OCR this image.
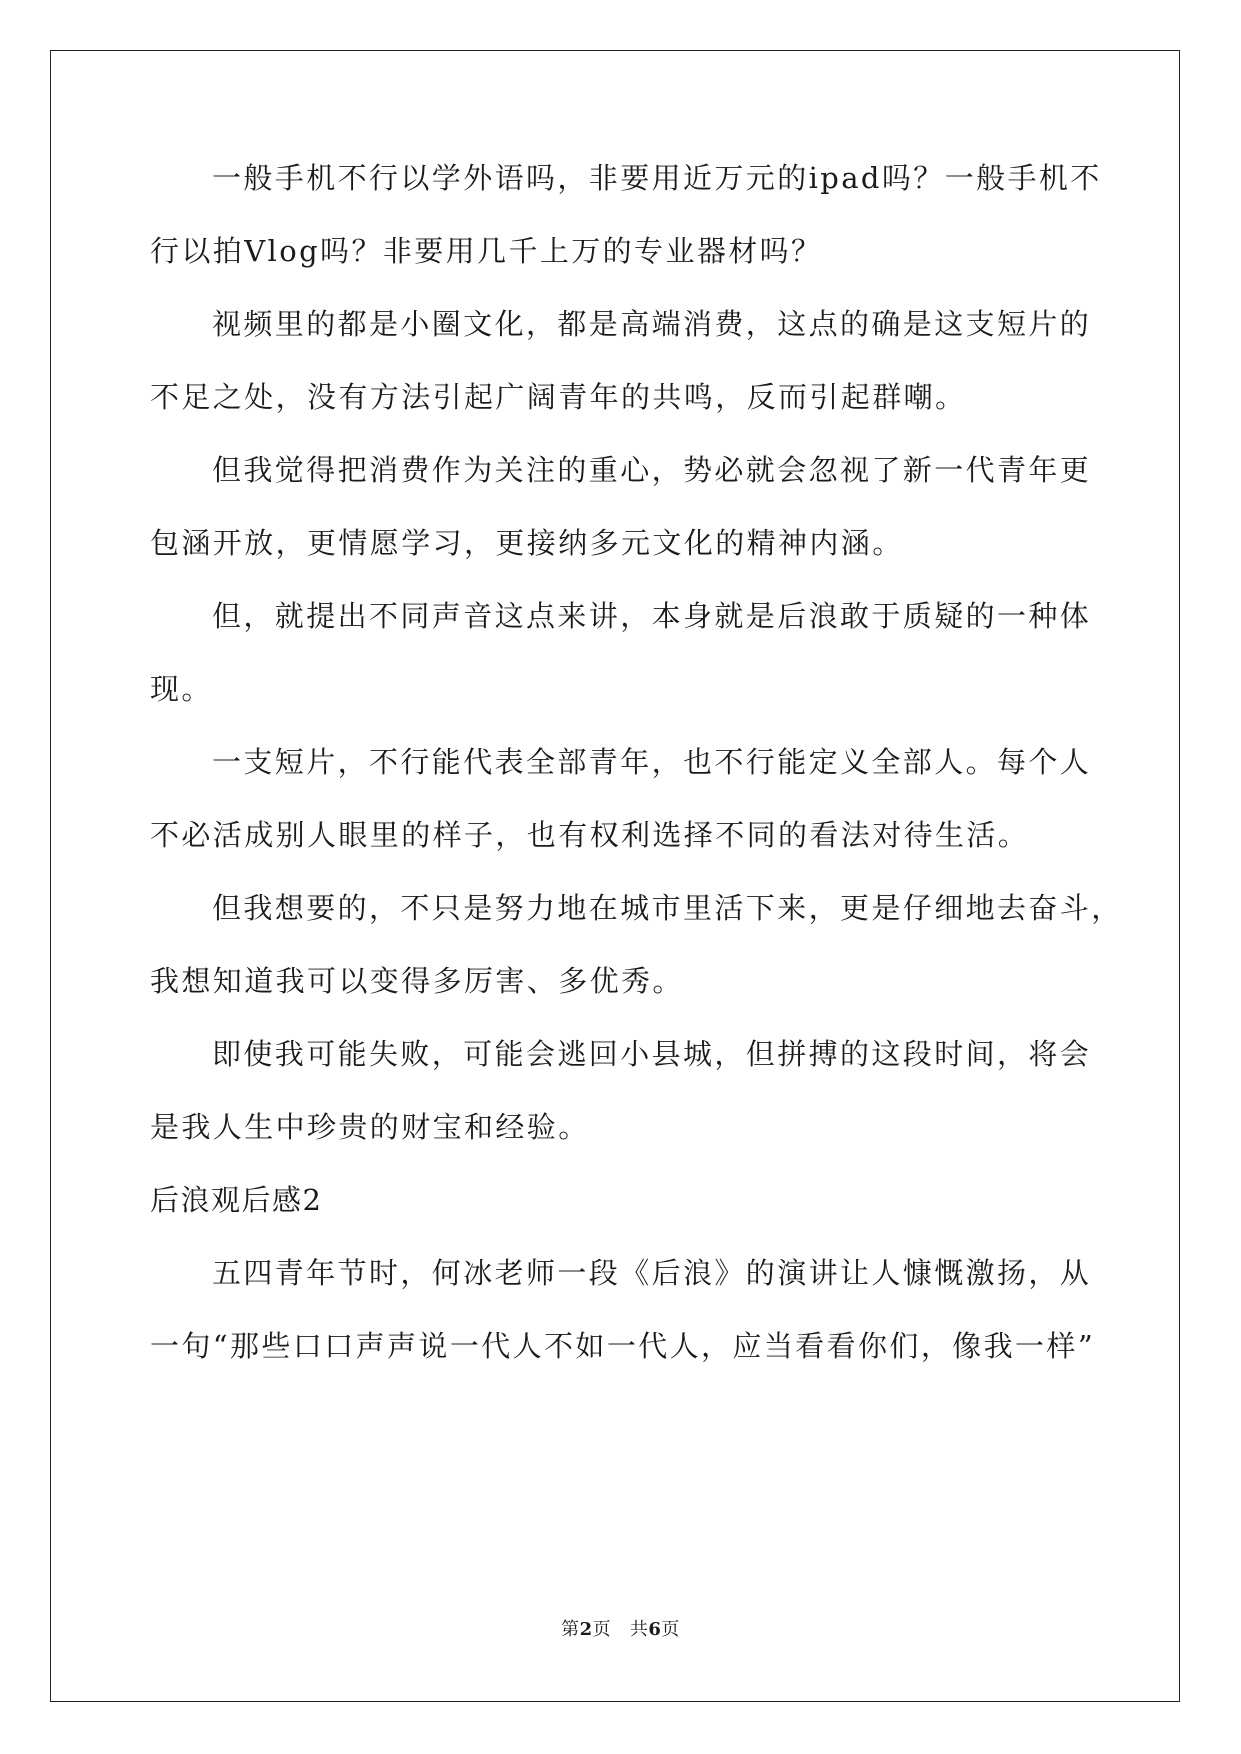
一般手机不行以学外语吗，非要用近万元的ipad吗？一般手机不
行以拍Vlog吗？非要用几千上万的专业器材吗？
视频里的都是小圈文化，都是高端消费，这点的确是这支短片的
不足之处，没有方法引起广阔青年的共鸣，反而引起群嘲。
但我觉得把消费作为关注的重心，势必就会忽视了新一代青年更
包涵开放，更情愿学习，更接纳多元文化的精神内涵。
但，就提出不同声音这点来讲，本身就是后浪敢于质疑的一种体
现。
一支短片，不行能代表全部青年，也不行能定义全部人。每个人
不必活成别人眼里的样子，也有权利选择不同的看法对待生活。
但我想要的，不只是努力地在城市里活下来，更是仔细地去奋斗，
我想知道我可以变得多厉害、多优秀。
即使我可能失败，可能会逃回小县城，但拼搏的这段时间，将会
是我人生中珍贵的财宝和经验。
后浪观后感2
五四青年节时，何冰老师一段《后浪》的演讲让人慷慨激扬，从
一句“那些口口声声说一代人不如一代人，应当看看你们，像我一样”
第2页   共6页
